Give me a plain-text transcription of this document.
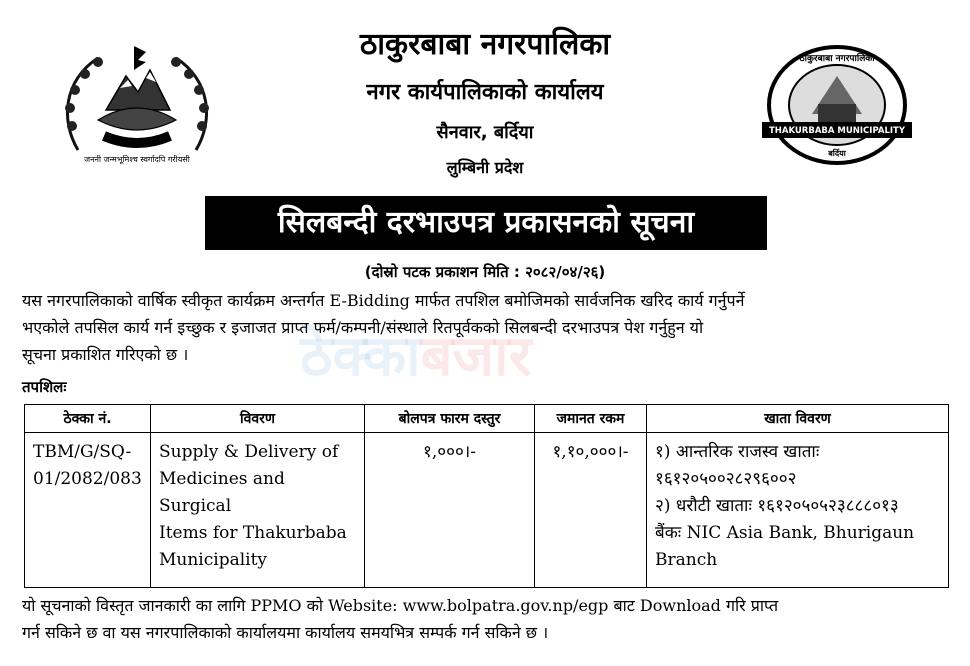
जननी जन्मभूमिश्च स्वर्गादपि गरीयसी
THAKURBABA MUNICIPALITY
ठाकुरबाबा नगरपालिका
बर्दिया
ठाकुरबाबा नगरपालिका
नगर कार्यपालिकाको कार्यालय
सैनवार, बर्दिया
लुम्बिनी प्रदेश
सिलबन्दी दरभाउपत्र प्रकासनको सूचना
(दोस्रो पटक प्रकाशन मिति : २०८२/०४/२६)
ठेक्काबजार
यस नगरपालिकाको वार्षिक स्वीकृत कार्यक्रम अन्तर्गत E-Bidding मार्फत तपशिल बमोजिमको सार्वजनिक खरिद कार्य गर्नुपर्ने
भएकोले तपसिल कार्य गर्न इच्छुक र इजाजत प्राप्त फर्म/कम्पनी/संस्थाले रितपूर्वकको सिलबन्दी दरभाउपत्र पेश गर्नुहुन यो
सूचना प्रकाशित गरिएको छ ।
तपशिलः
ठेक्का नं.	विवरण	बोलपत्र फारम दस्तुर	जमानत रकम	खाता विवरण

TBM/G/SQ-
01/2082/083	Supply & Delivery of
Medicines and Surgical
Items for Thakurbaba
Municipality	१,०००।-	१,१०,०००।-	१) आन्तरिक राजस्व खाताः
१६१२०५००२८२९६००२
२) धरौटी खाताः १६१२०५०५२३८८८०१३
बैंकः NIC Asia Bank, Bhurigaun
Branch
यो सूचनाको विस्तृत जानकारी का लागि PPMO को Website: www.bolpatra.gov.np/egp बाट Download गरि प्राप्त
गर्न सकिने छ वा यस नगरपालिकाको कार्यालयमा कार्यालय समयभित्र सम्पर्क गर्न सकिने छ ।
